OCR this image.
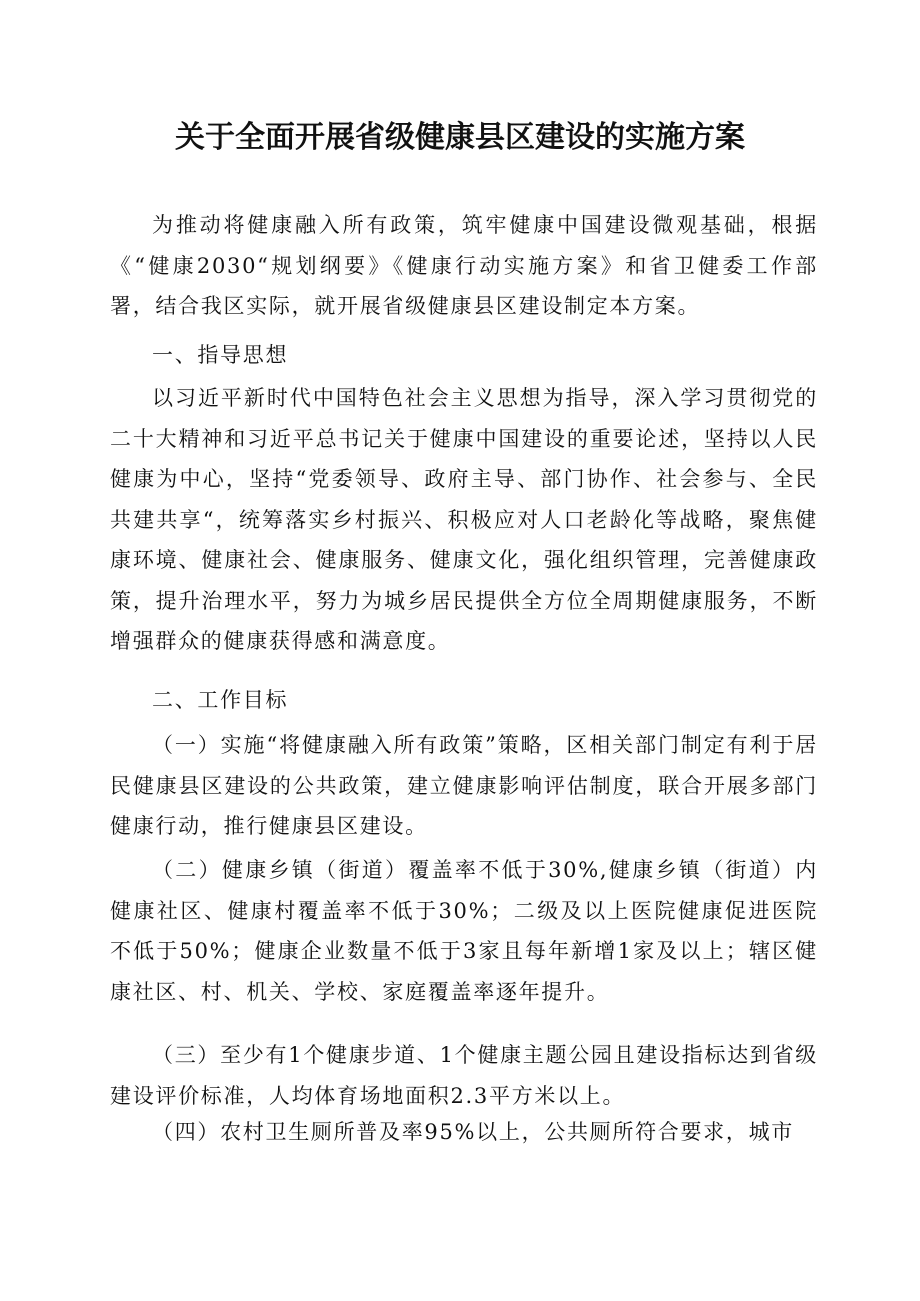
关于全面开展省级健康县区建设的实施方案

为推动将健康融入所有政策，筑牢健康中国建设微观基础，根据《“健康2030“规划纲要》《健康行动实施方案》和省卫健委工作部署，结合我区实际，就开展省级健康县区建设制定本方案。

一、指导思想

以习近平新时代中国特色社会主义思想为指导，深入学习贯彻党的二十大精神和习近平总书记关于健康中国建设的重要论述，坚持以人民健康为中心，坚持“党委领导、政府主导、部门协作、社会参与、全民共建共享“，统筹落实乡村振兴、积极应对人口老龄化等战略，聚焦健康环境、健康社会、健康服务、健康文化，强化组织管理，完善健康政策，提升治理水平，努力为城乡居民提供全方位全周期健康服务，不断增强群众的健康获得感和满意度。

二、工作目标

（一）实施“将健康融入所有政策”策略，区相关部门制定有利于居民健康县区建设的公共政策，建立健康影响评估制度，联合开展多部门健康行动，推行健康县区建设。

（二）健康乡镇（街道）覆盖率不低于30%,健康乡镇（街道）内健康社区、健康村覆盖率不低于30%；二级及以上医院健康促进医院不低于50%；健康企业数量不低于3家且每年新增1家及以上；辖区健康社区、村、机关、学校、家庭覆盖率逐年提升。

（三）至少有1个健康步道、1个健康主题公园且建设指标达到省级建设评价标准，人均体育场地面积2.3平方米以上。

（四）农村卫生厕所普及率95%以上，公共厕所符合要求，城市
